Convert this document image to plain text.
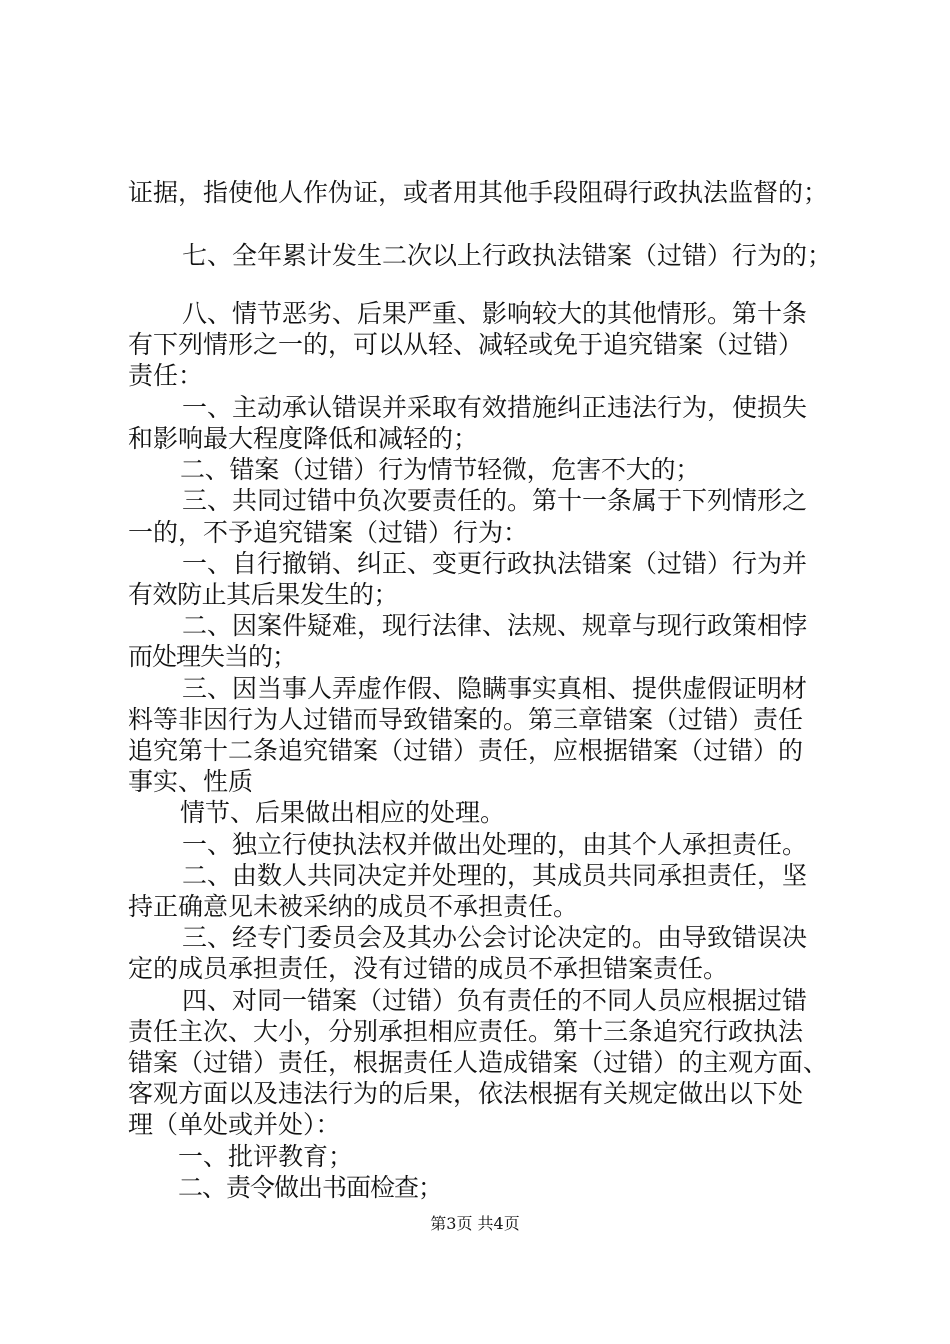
证据，指使他人作伪证，或者用其他手段阻碍行政执法监督的；
七、全年累计发生二次以上行政执法错案（过错）行为的；
八、情节恶劣、后果严重、影响较大的其他情形。第十条
有下列情形之一的，可以从轻、减轻或免于追究错案（过错）
责任：
一、主动承认错误并采取有效措施纠正违法行为，使损失
和影响最大程度降低和减轻的；
二、错案（过错）行为情节轻微，危害不大的；
三、共同过错中负次要责任的。第十一条属于下列情形之
一的，不予追究错案（过错）行为：
一、自行撤销、纠正、变更行政执法错案（过错）行为并
有效防止其后果发生的；
二、因案件疑难，现行法律、法规、规章与现行政策相悖
而处理失当的；
三、因当事人弄虚作假、隐瞒事实真相、提供虚假证明材
料等非因行为人过错而导致错案的。第三章错案（过错）责任
追究第十二条追究错案（过错）责任，应根据错案（过错）的
事实、性质
情节、后果做出相应的处理。
一、独立行使执法权并做出处理的，由其个人承担责任。
二、由数人共同决定并处理的，其成员共同承担责任，坚
持正确意见未被采纳的成员不承担责任。
三、经专门委员会及其办公会讨论决定的。由导致错误决
定的成员承担责任，没有过错的成员不承担错案责任。
四、对同一错案（过错）负有责任的不同人员应根据过错
责任主次、大小，分别承担相应责任。第十三条追究行政执法
错案（过错）责任，根据责任人造成错案（过错）的主观方面、
客观方面以及违法行为的后果，依法根据有关规定做出以下处
理（单处或并处）：
一、批评教育；
二、责令做出书面检查；
第3页 共4页
